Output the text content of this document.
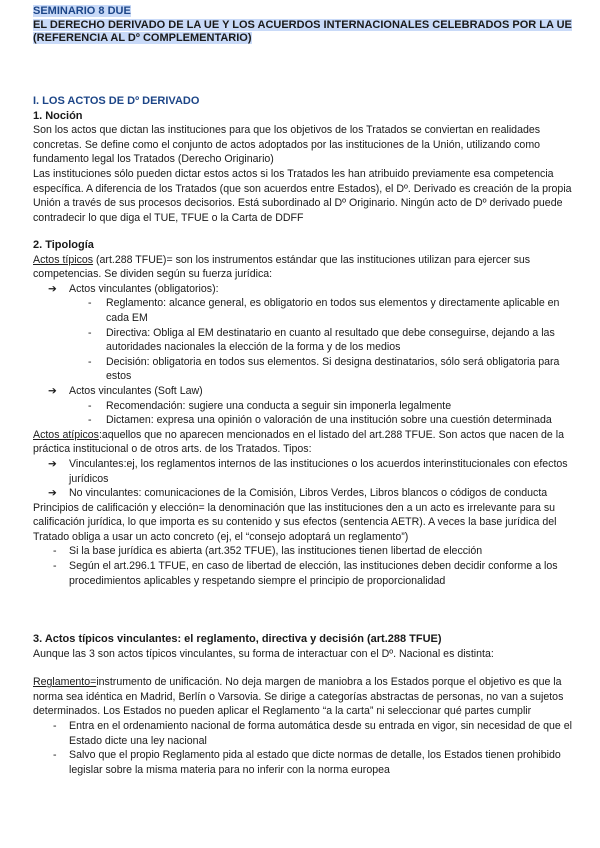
SEMINARIO 8 DUE
EL DERECHO DERIVADO DE LA UE Y LOS ACUERDOS INTERNACIONALES CELEBRADOS POR LA UE (REFERENCIA AL Dº COMPLEMENTARIO)
I. LOS ACTOS DE Dº DERIVADO
1. Noción

Son los actos que dictan las instituciones para que los objetivos de los Tratados se conviertan en realidades concretas. Se define como el conjunto de actos adoptados por las instituciones de la Unión, utilizando como fundamento legal los Tratados (Derecho Originario)

Las instituciones sólo pueden dictar estos actos si los Tratados les han atribuido previamente esa competencia específica. A diferencia de los Tratados (que son acuerdos entre Estados), el Dº. Derivado es creación de la propia Unión a través de sus procesos decisorios. Está subordinado al Dº Originario. Ningún acto de Dº derivado puede contradecir lo que diga el TUE, TFUE o la Carta de DDFF

2. Tipología

Actos típicos (art.288 TFUE)= son los instrumentos estándar que las instituciones utilizan para ejercer sus competencias. Se dividen según su fuerza jurídica:

➔ Actos vinculantes (obligatorios):
- Reglamento: alcance general, es obligatorio en todos sus elementos y directamente aplicable en cada EM
- Directiva: Obliga al EM destinatario en cuanto al resultado que debe conseguirse, dejando a las autoridades nacionales la elección de la forma y de los medios
- Decisión: obligatoria en todos sus elementos. Si designa destinatarios, sólo será obligatoria para estos
➔ Actos vinculantes (Soft Law)
- Recomendación: sugiere una conducta a seguir sin imponerla legalmente
- Dictamen: expresa una opinión o valoración de una institución sobre una cuestión determinada

Actos atípicos:aquellos que no aparecen mencionados en el listado del art.288 TFUE. Son actos que nacen de la práctica institucional o de otros arts. de los Tratados. Tipos:

➔ Vinculantes:ej, los reglamentos internos de las instituciones o los acuerdos interinstitucionales con efectos jurídicos
➔ No vinculantes: comunicaciones de la Comisión, Libros Verdes, Libros blancos o códigos de conducta

Principios de calificación y elección= la denominación que las instituciones den a un acto es irrelevante para su calificación jurídica, lo que importa es su contenido y sus efectos (sentencia AETR). A veces la base jurídica del Tratado obliga a usar un acto concreto (ej, el “consejo adoptará un reglamento”)

- Si la base jurídica es abierta (art.352 TFUE), las instituciones tienen libertad de elección
- Según el art.296.1 TFUE, en caso de libertad de elección, las instituciones deben decidir conforme a los procedimientos aplicables y respetando siempre el principio de proporcionalidad
3. Actos típicos vinculantes: el reglamento, directiva y decisión (art.288 TFUE)

Aunque las 3 son actos típicos vinculantes, su forma de interactuar con el Dº. Nacional es distinta:

Reglamento=instrumento de unificación. No deja margen de maniobra a los Estados porque el objetivo es que la norma sea idéntica en Madrid, Berlín o Varsovia. Se dirige a categorías abstractas de personas, no van a sujetos determinados. Los Estados no pueden aplicar el Reglamento “a la carta” ni seleccionar qué partes cumplir

- Entra en el ordenamiento nacional de forma automática desde su entrada en vigor, sin necesidad de que el Estado dicte una ley nacional
- Salvo que el propio Reglamento pida al estado que dicte normas de detalle, los Estados tienen prohibido legislar sobre la misma materia para no inferir con la norma europea
